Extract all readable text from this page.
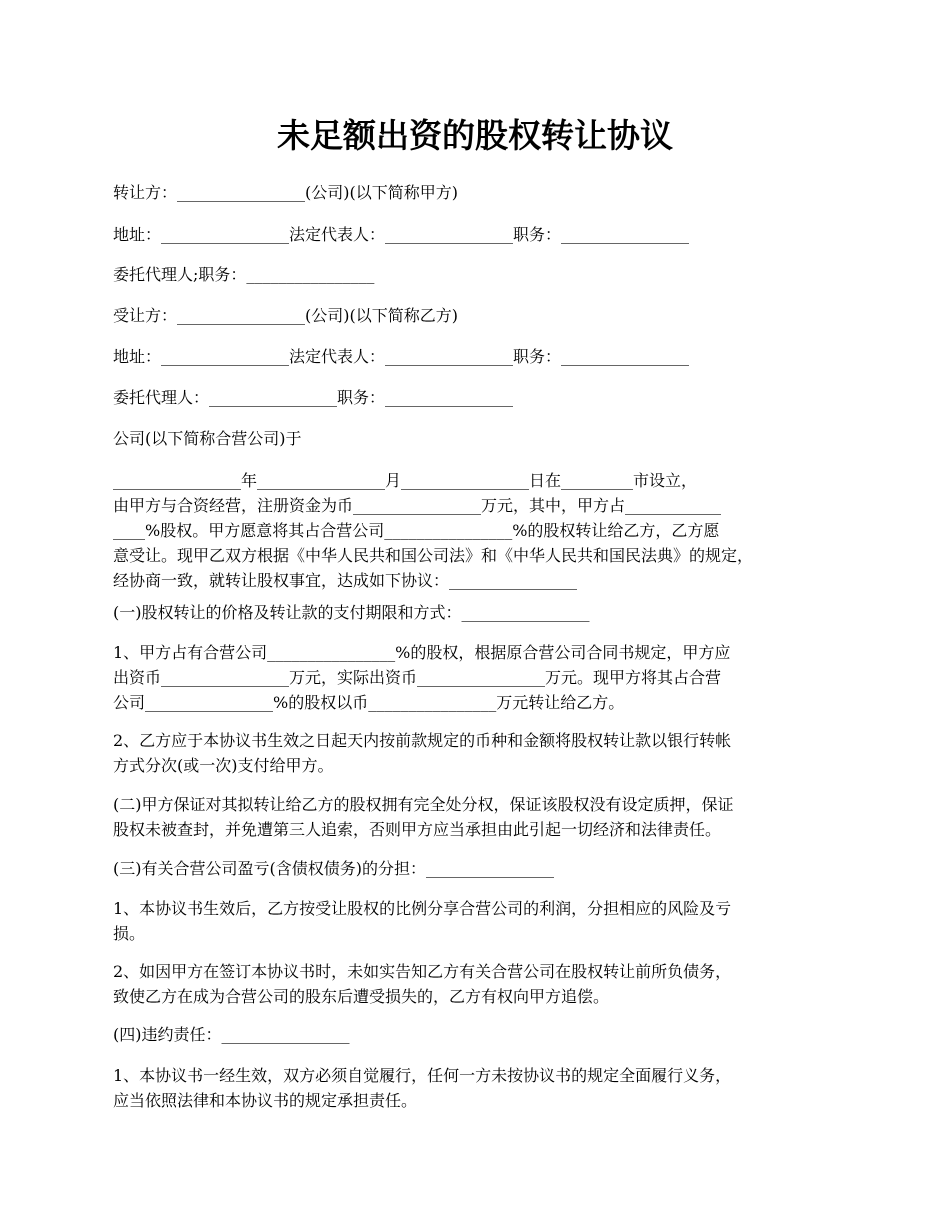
未足额出资的股权转让协议
转让方：________________(公司)(以下简称甲方)
地址：________________法定代表人：________________职务：________________
委托代理人;职务：________________
受让方：________________(公司)(以下简称乙方)
地址：________________法定代表人：________________职务：________________
委托代理人：________________职务：________________
公司(以下简称合营公司)于
________________年________________月________________日在_________市设立，
由甲方与合资经营，注册资金为币________________万元，其中，甲方占____________
____%股权。甲方愿意将其占合营公司________________%的股权转让给乙方，乙方愿
意受让。现甲乙双方根据《中华人民共和国公司法》和《中华人民共和国民法典》的规定，
经协商一致，就转让股权事宜，达成如下协议：________________
(一)股权转让的价格及转让款的支付期限和方式：________________
1、甲方占有合营公司________________%的股权，根据原合营公司合同书规定，甲方应
出资币________________万元，实际出资币________________万元。现甲方将其占合营
公司________________%的股权以币________________万元转让给乙方。
2、乙方应于本协议书生效之日起天内按前款规定的币种和金额将股权转让款以银行转帐
方式分次(或一次)支付给甲方。
(二)甲方保证对其拟转让给乙方的股权拥有完全处分权，保证该股权没有设定质押，保证
股权未被查封，并免遭第三人追索，否则甲方应当承担由此引起一切经济和法律责任。
(三)有关合营公司盈亏(含债权债务)的分担：________________
1、本协议书生效后，乙方按受让股权的比例分享合营公司的利润，分担相应的风险及亏
损。
2、如因甲方在签订本协议书时，未如实告知乙方有关合营公司在股权转让前所负债务，
致使乙方在成为合营公司的股东后遭受损失的，乙方有权向甲方追偿。
(四)违约责任：________________
1、本协议书一经生效，双方必须自觉履行，任何一方未按协议书的规定全面履行义务，
应当依照法律和本协议书的规定承担责任。
